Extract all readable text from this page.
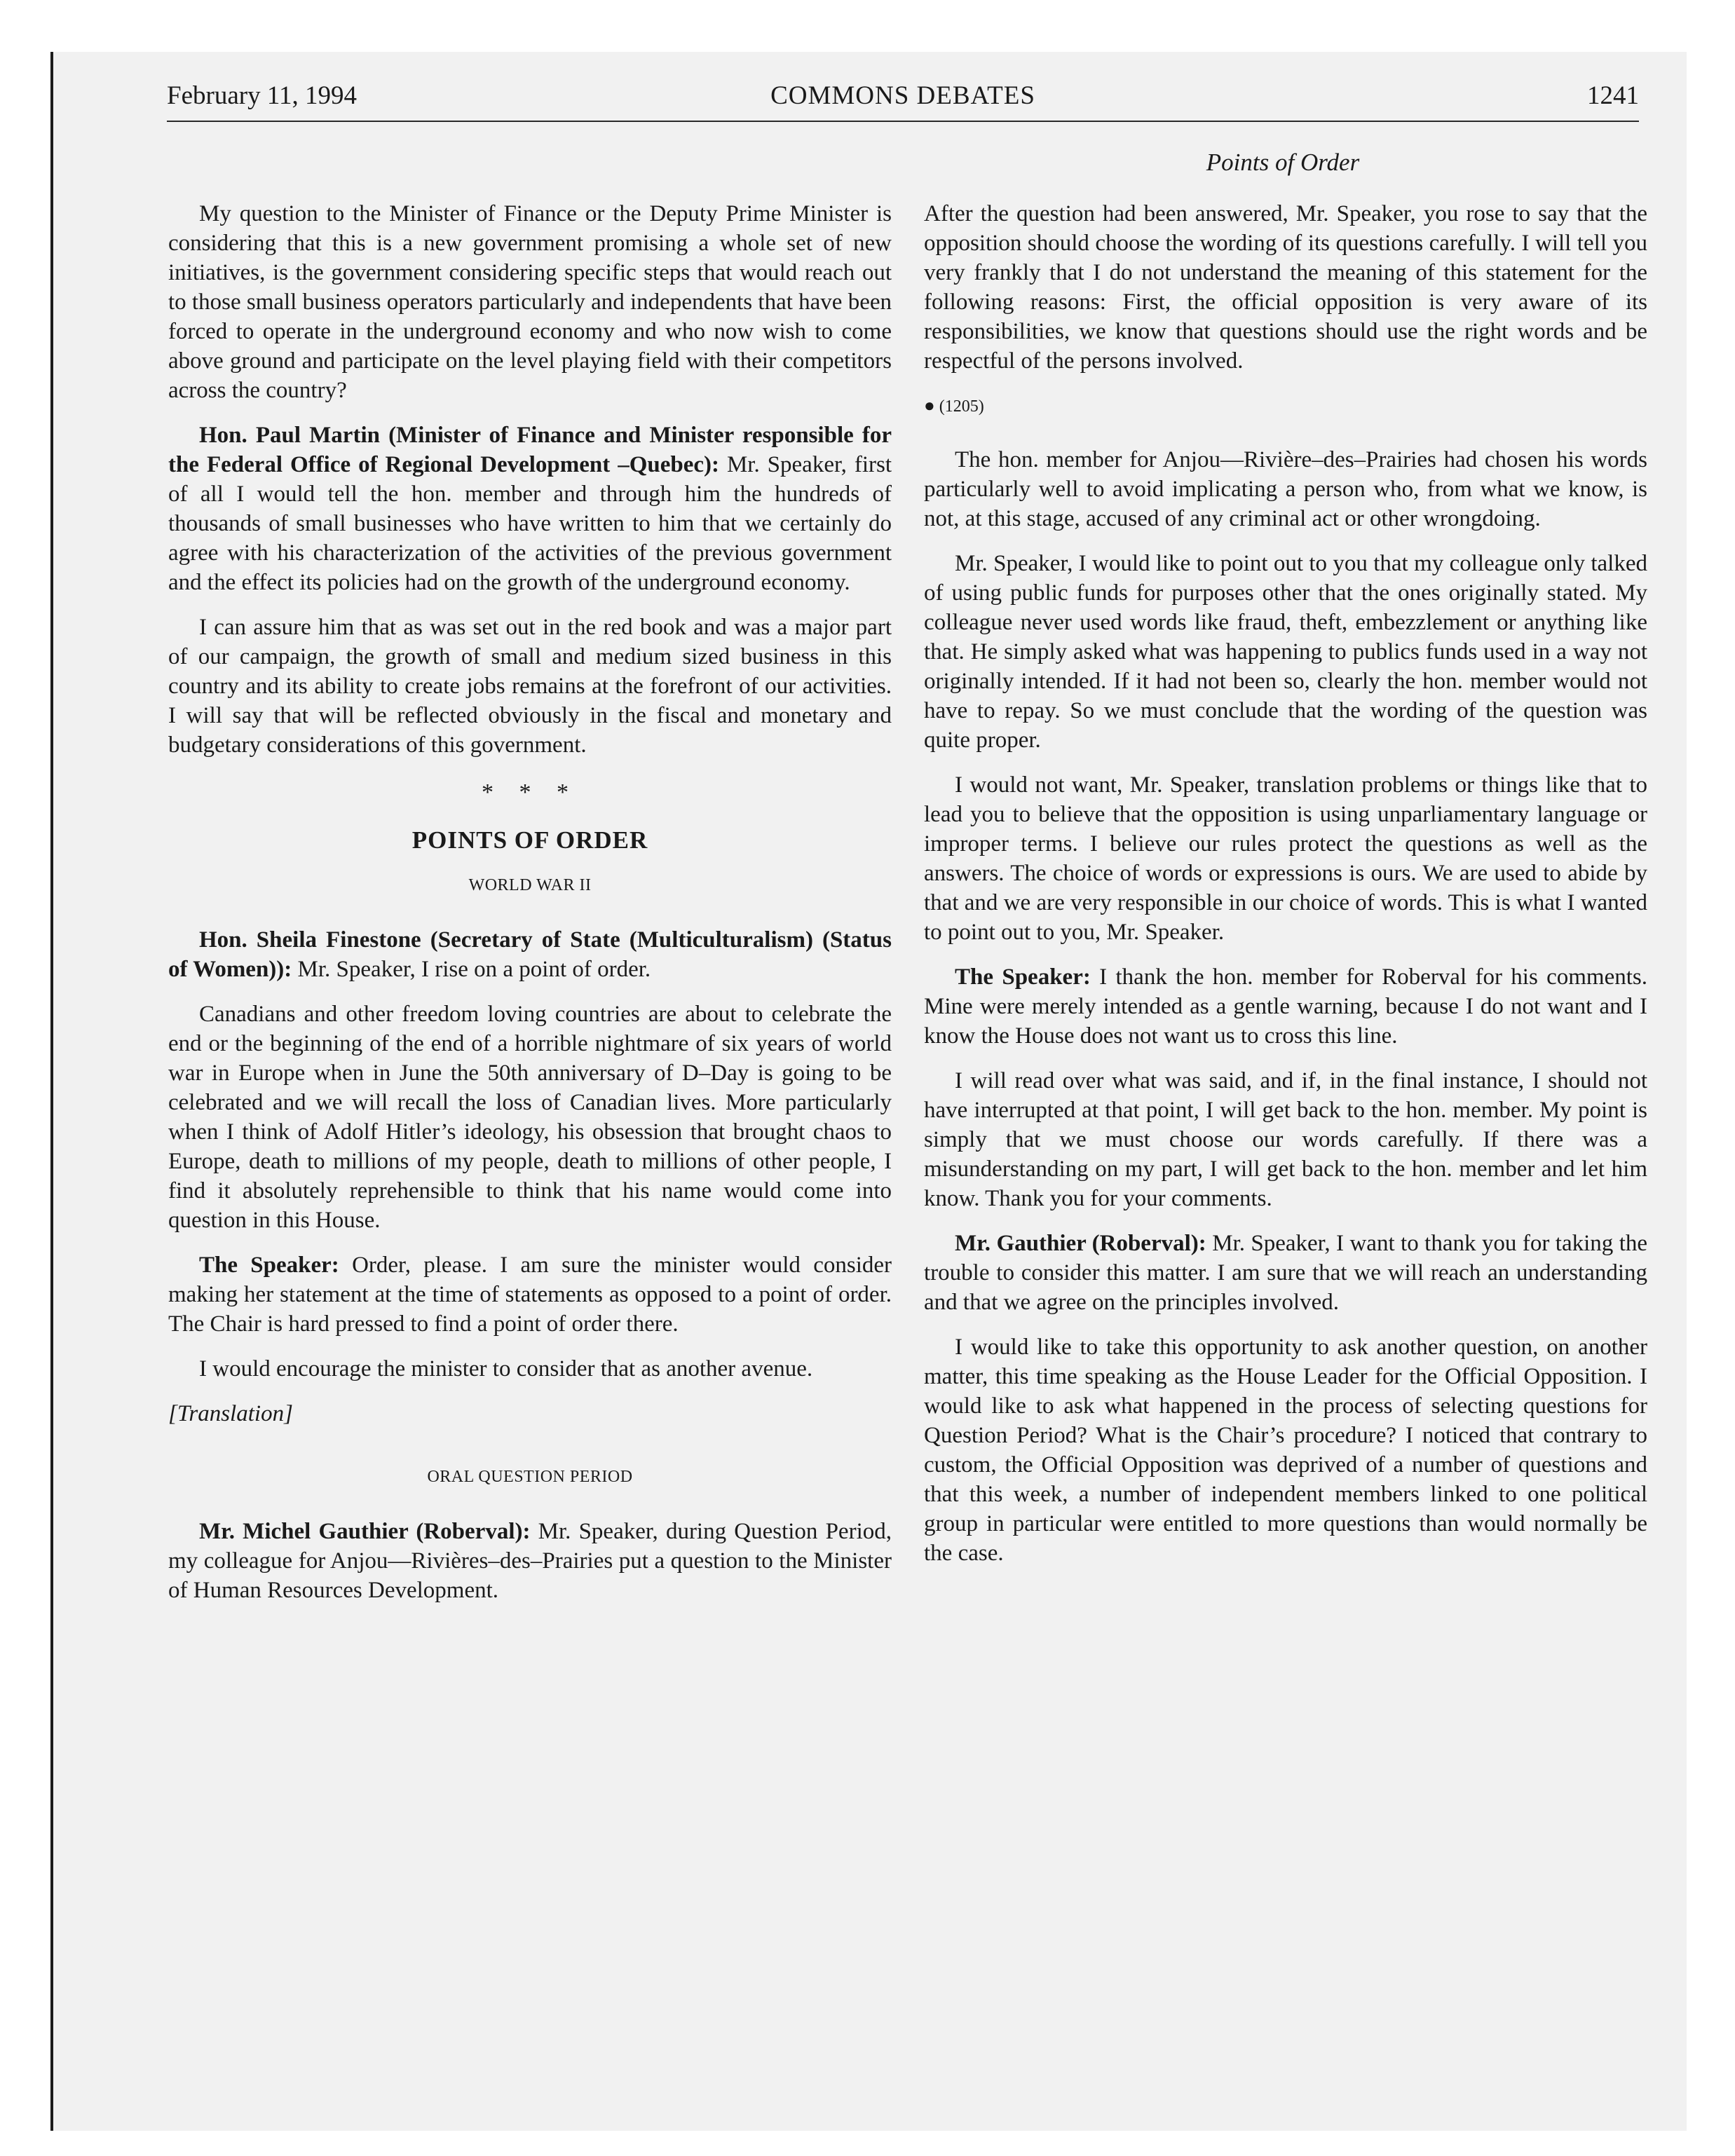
February 11, 1994	COMMONS DEBATES	1241
Points of Order

My question to the Minister of Finance or the Deputy Prime Minister is considering that this is a new government promising a whole set of new initiatives, is the government considering specific steps that would reach out to those small business operators particularly and independents that have been forced to operate in the underground economy and who now wish to come above ground and participate on the level playing field with their competitors across the country?

Hon. Paul Martin (Minister of Finance and Minister responsible for the Federal Office of Regional Development –Quebec): Mr. Speaker, first of all I would tell the hon. member and through him the hundreds of thousands of small businesses who have written to him that we certainly do agree with his characterization of the activities of the previous government and the effect its policies had on the growth of the underground economy.

I can assure him that as was set out in the red book and was a major part of our campaign, the growth of small and medium sized business in this country and its ability to create jobs remains at the forefront of our activities. I will say that will be reflected obviously in the fiscal and monetary and budgetary considerations of this government.

* * *
POINTS OF ORDER
WORLD WAR II

Hon. Sheila Finestone (Secretary of State (Multiculturalism) (Status of Women)): Mr. Speaker, I rise on a point of order.

Canadians and other freedom loving countries are about to celebrate the end or the beginning of the end of a horrible nightmare of six years of world war in Europe when in June the 50th anniversary of D–Day is going to be celebrated and we will recall the loss of Canadian lives. More particularly when I think of Adolf Hitler’s ideology, his obsession that brought chaos to Europe, death to millions of my people, death to millions of other people, I find it absolutely reprehensible to think that his name would come into question in this House.

The Speaker: Order, please. I am sure the minister would consider making her statement at the time of statements as opposed to a point of order. The Chair is hard pressed to find a point of order there.

I would encourage the minister to consider that as another avenue.

[Translation]
ORAL QUESTION PERIOD

Mr. Michel Gauthier (Roberval): Mr. Speaker, during Question Period, my colleague for Anjou—Rivières–des–Prairies put a question to the Minister of Human Resources Development.

After the question had been answered, Mr. Speaker, you rose to say that the opposition should choose the wording of its questions carefully. I will tell you very frankly that I do not understand the meaning of this statement for the following reasons: First, the official opposition is very aware of its responsibilities, we know that questions should use the right words and be respectful of the persons involved.

● (1205)

The hon. member for Anjou—Rivière–des–Prairies had chosen his words particularly well to avoid implicating a person who, from what we know, is not, at this stage, accused of any criminal act or other wrongdoing.

Mr. Speaker, I would like to point out to you that my colleague only talked of using public funds for purposes other that the ones originally stated. My colleague never used words like fraud, theft, embezzlement or anything like that. He simply asked what was happening to publics funds used in a way not originally intended. If it had not been so, clearly the hon. member would not have to repay. So we must conclude that the wording of the question was quite proper.

I would not want, Mr. Speaker, translation problems or things like that to lead you to believe that the opposition is using unparliamentary language or improper terms. I believe our rules protect the questions as well as the answers. The choice of words or expressions is ours. We are used to abide by that and we are very responsible in our choice of words. This is what I wanted to point out to you, Mr. Speaker.

The Speaker: I thank the hon. member for Roberval for his comments. Mine were merely intended as a gentle warning, because I do not want and I know the House does not want us to cross this line.

I will read over what was said, and if, in the final instance, I should not have interrupted at that point, I will get back to the hon. member. My point is simply that we must choose our words carefully. If there was a misunderstanding on my part, I will get back to the hon. member and let him know. Thank you for your comments.

Mr. Gauthier (Roberval): Mr. Speaker, I want to thank you for taking the trouble to consider this matter. I am sure that we will reach an understanding and that we agree on the principles involved.

I would like to take this opportunity to ask another question, on another matter, this time speaking as the House Leader for the Official Opposition. I would like to ask what happened in the process of selecting questions for Question Period? What is the Chair’s procedure? I noticed that contrary to custom, the Official Opposition was deprived of a number of questions and that this week, a number of independent members linked to one political group in particular were entitled to more questions than would normally be the case.
